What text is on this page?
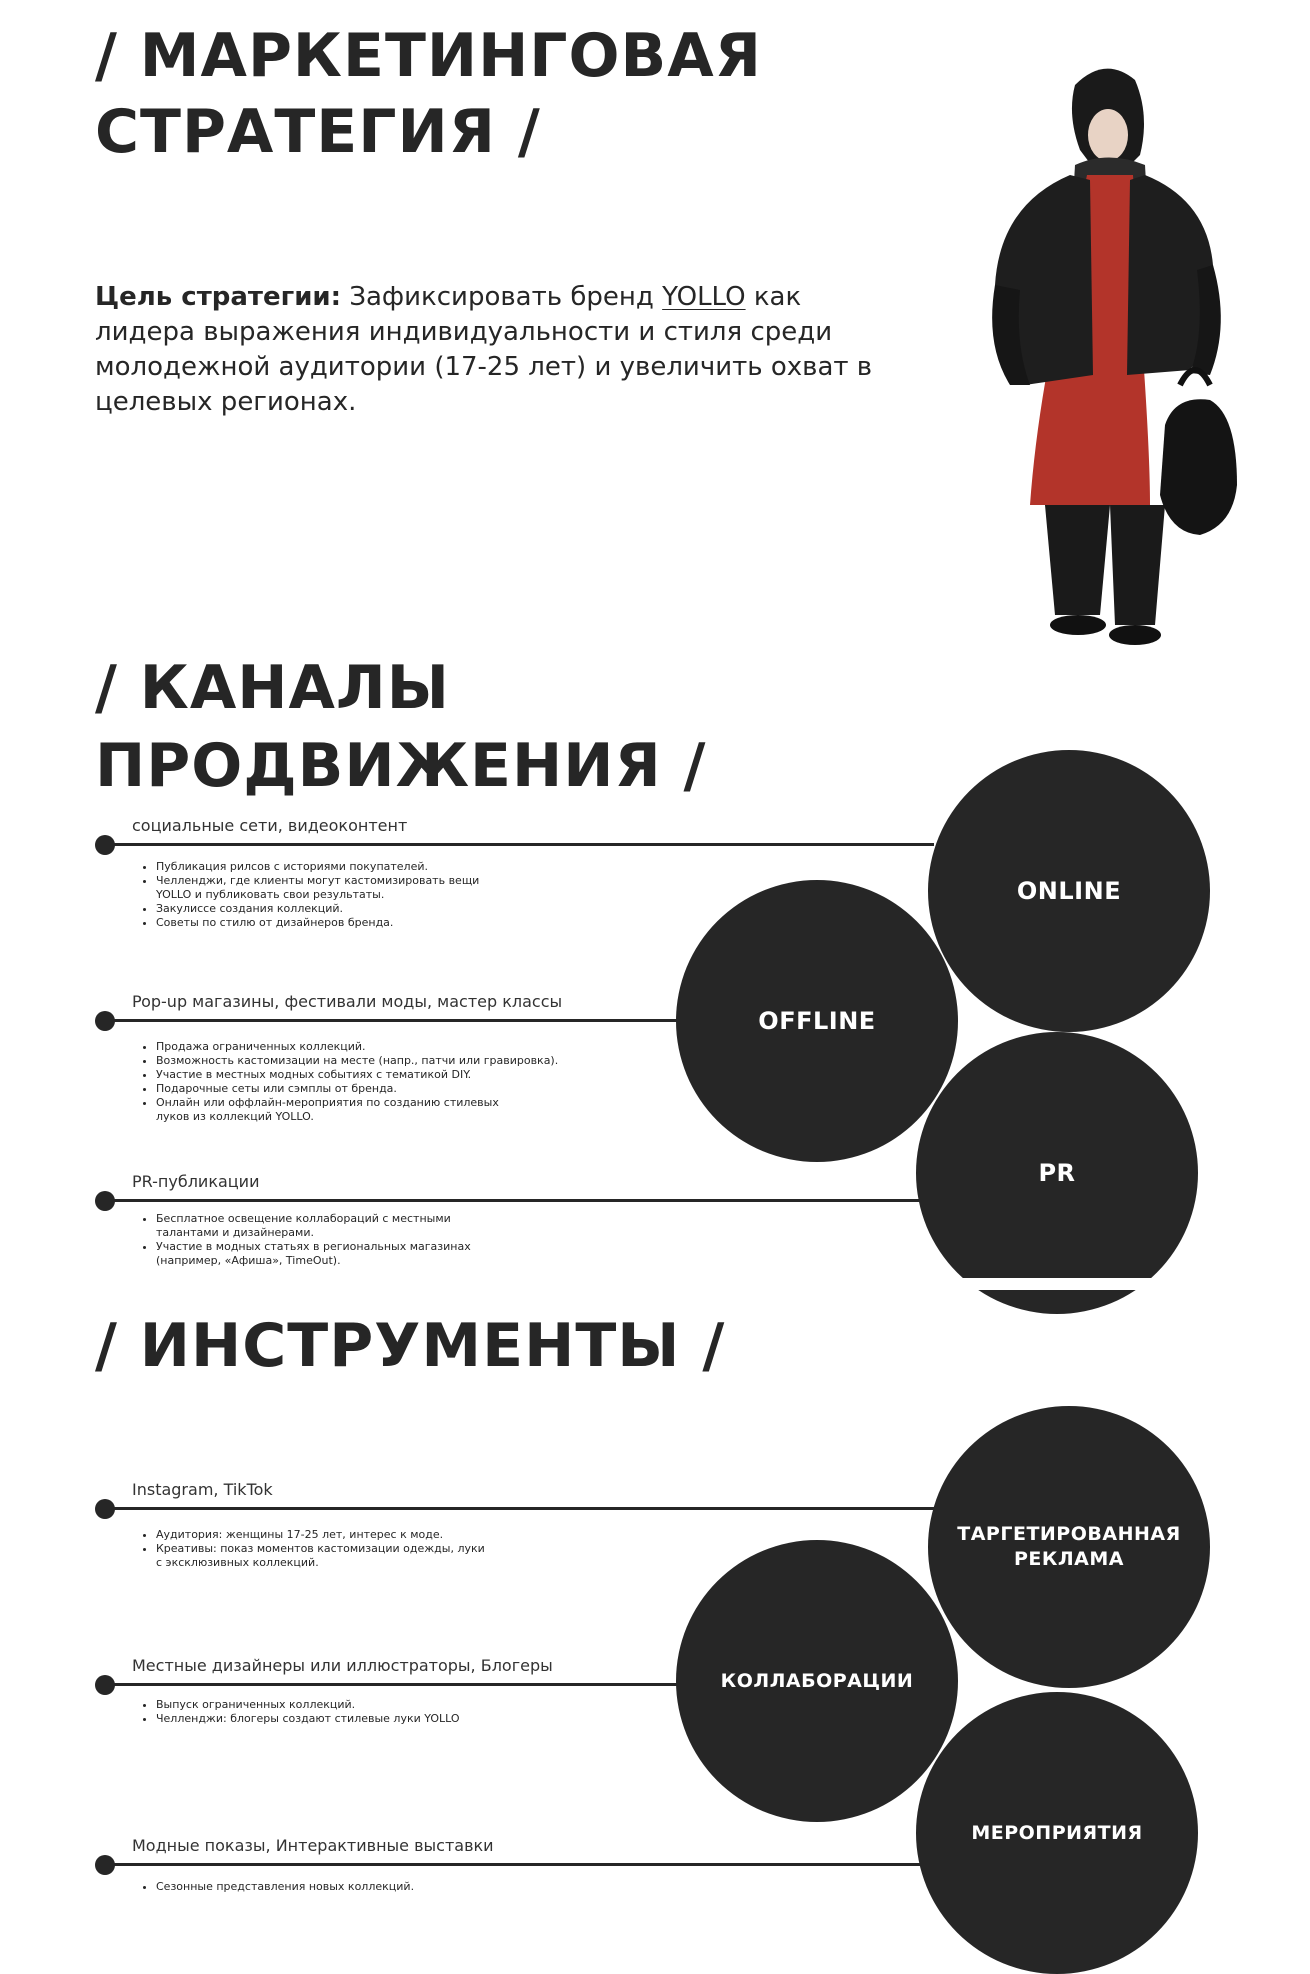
/ МАРКЕТИНГОВАЯ
СТРАТЕГИЯ /

Цель стратегии: Зафиксировать бренд YOLLO как лидера выражения индивидуальности и стиля среди молодежной аудитории (17-25 лет) и увеличить охват в целевых регионах.

/ КАНАЛЫ
ПРОДВИЖЕНИЯ /

социальные сети, видеоконтент

• Публикация рилсов с историями покупателей.
• Челленджи, где клиенты могут кастомизировать вещи YOLLO и публиковать свои результаты.
• Закулиссе создания коллекций.
• Советы по стилю от дизайнеров бренда.

Pop-up магазины, фестивали моды, мастер классы

• Продажа ограниченных коллекций.
• Возможность кастомизации на месте (напр., патчи или гравировка).
• Участие в местных модных событиях с тематикой DIY.
• Подарочные сеты или сэмплы от бренда.
• Онлайн или оффлайн-мероприятия по созданию стилевых луков из коллекций YOLLO.

PR-публикации

• Бесплатное освещение коллабораций с местными талантами и дизайнерами.
• Участие в модных статьях в региональных магазинах (например, «Афиша», TimeOut).
ONLINE
OFFLINE
PR
/ ИНСТРУМЕНТЫ /

Instagram, TikTok

• Аудитория: женщины 17-25 лет, интерес к моде.
• Креативы: показ моментов кастомизации одежды, луки с эксклюзивных коллекций.

Местные дизайнеры или иллюстраторы, Блогеры

• Выпуск ограниченных коллекций.
• Челленджи: блогеры создают стилевые луки YOLLO

Модные показы, Интерактивные выставки

• Сезонные представления новых коллекций.
ТАРГЕТИРОВАННАЯ РЕКЛАМА
КОЛЛАБОРАЦИИ
МЕРОПРИЯТИЯ
